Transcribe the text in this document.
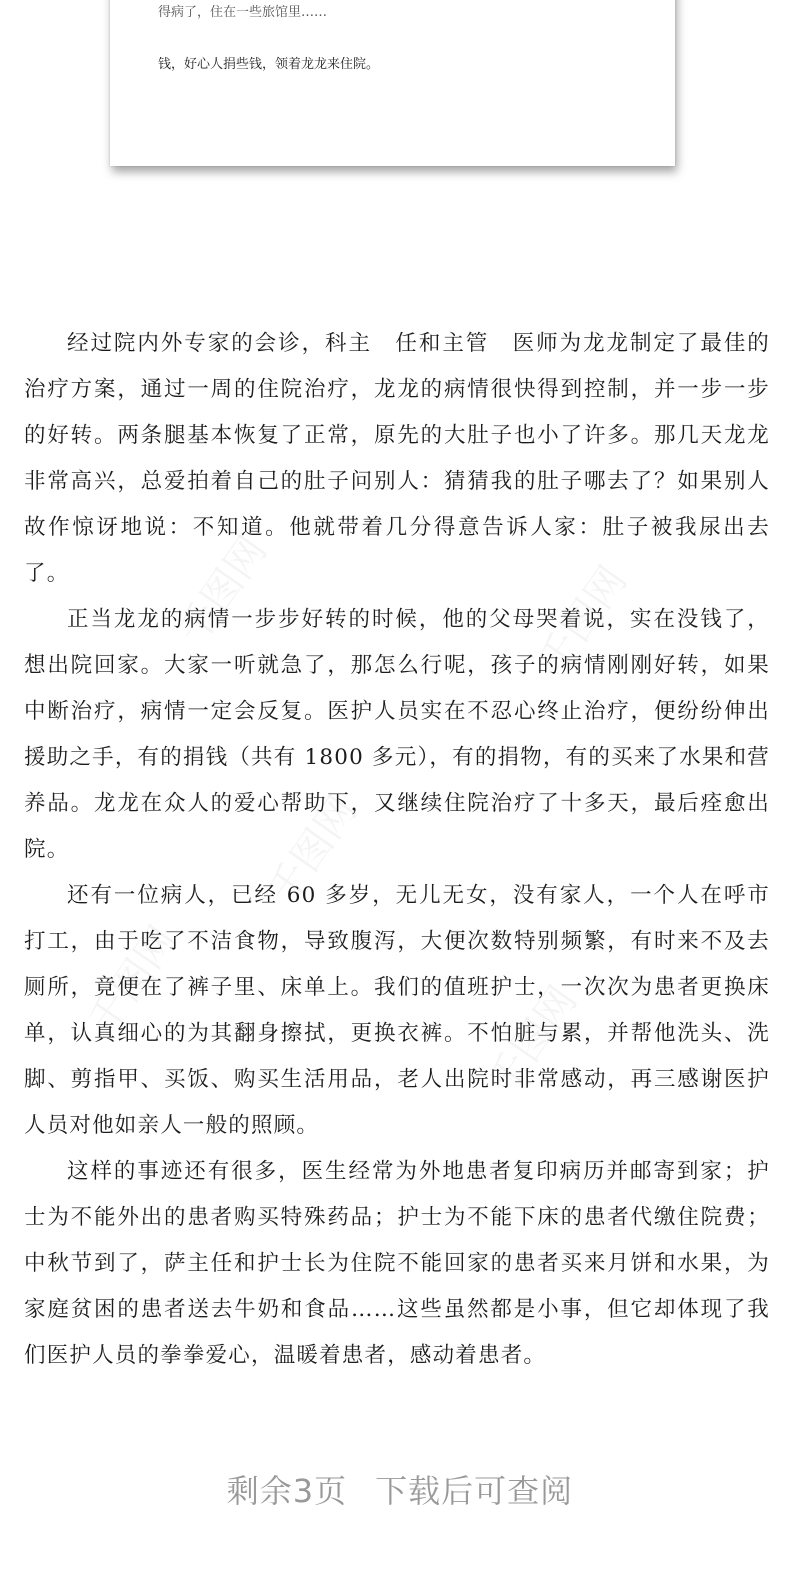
得病了，住在一些旅馆里……

钱，好心人捐些钱，领着龙龙来住院。

经过院内外专家的会诊，科主　任和主管　医师为龙龙制定了最佳的治疗方案，通过一周的住院治疗，龙龙的病情很快得到控制，并一步一步的好转。两条腿基本恢复了正常，原先的大肚子也小了许多。那几天龙龙非常高兴，总爱拍着自己的肚子问别人：猜猜我的肚子哪去了？如果别人故作惊讶地说：不知道。他就带着几分得意告诉人家：肚子被我尿出去了。

正当龙龙的病情一步步好转的时候，他的父母哭着说，实在没钱了，想出院回家。大家一听就急了，那怎么行呢，孩子的病情刚刚好转，如果中断治疗，病情一定会反复。医护人员实在不忍心终止治疗，便纷纷伸出援助之手，有的捐钱（共有 1800 多元），有的捐物，有的买来了水果和营养品。龙龙在众人的爱心帮助下，又继续住院治疗了十多天，最后痊愈出院。

还有一位病人，已经 60 多岁，无儿无女，没有家人，一个人在呼市打工，由于吃了不洁食物，导致腹泻，大便次数特别频繁，有时来不及去厕所，竟便在了裤子里、床单上。我们的值班护士，一次次为患者更换床单，认真细心的为其翻身擦拭，更换衣裤。不怕脏与累，并帮他洗头、洗脚、剪指甲、买饭、购买生活用品，老人出院时非常感动，再三感谢医护人员对他如亲人一般的照顾。

这样的事迹还有很多，医生经常为外地患者复印病历并邮寄到家；护士为不能外出的患者购买特殊药品；护士为不能下床的患者代缴住院费；中秋节到了，萨主任和护士长为住院不能回家的患者买来月饼和水果，为家庭贫困的患者送去牛奶和食品……这些虽然都是小事，但它却体现了我们医护人员的拳拳爱心，温暖着患者，感动着患者。

剩余3页 下载后可查阅
